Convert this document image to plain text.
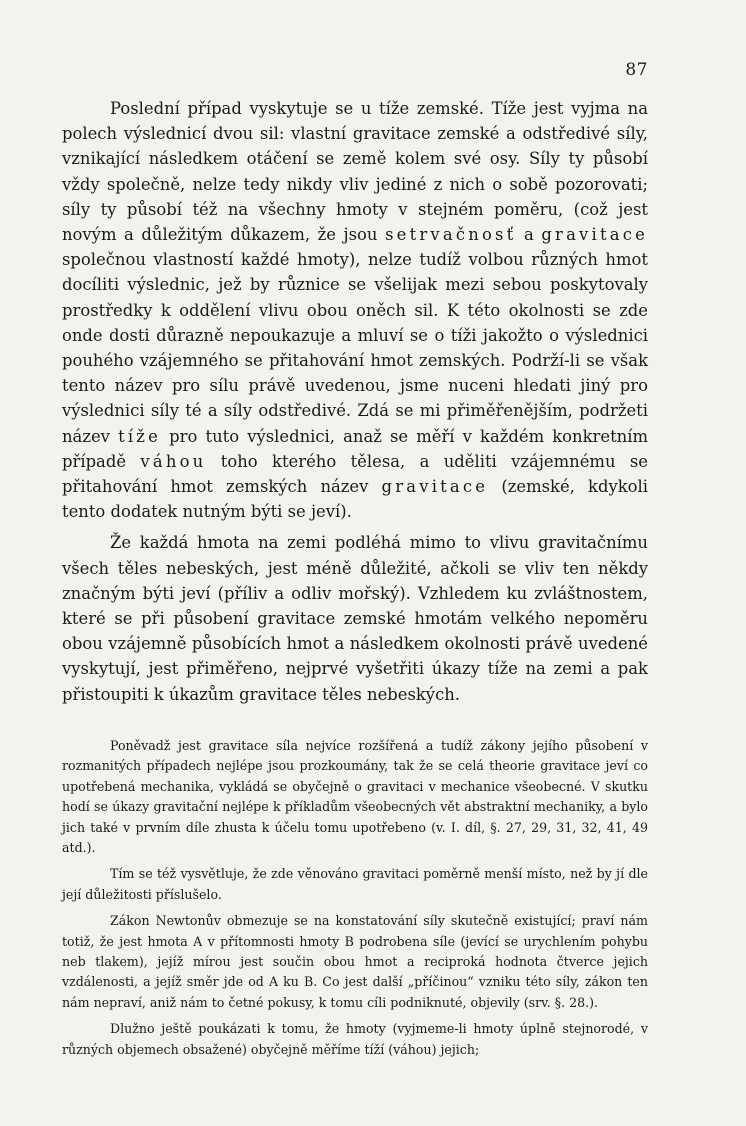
87

Poslední případ vyskytuje se u tíže zemské. Tíže jest vyjma na polech výslednicí dvou sil: vlastní gravitace zemské a odstředivé síly, vznikající následkem otáčení se země kolem své osy. Síly ty působí vždy společně, nelze tedy nikdy vliv jediné z nich o sobě pozorovati; síly ty působí též na všechny hmoty v stejném poměru, (což jest novým a důležitým důkazem, že jsou setrvačnosť a gravitace společnou vlastností každé hmoty), nelze tudíž volbou různých hmot docíliti výslednic, jež by různice se všelijak mezi sebou poskytovaly prostředky k oddělení vlivu obou oněch sil. K této okolnosti se zde onde dosti důrazně nepoukazuje a mluví se o tíži jakožto o výslednici pouhého vzájemného se přitahování hmot zemských. Podrží-li se však tento název pro sílu právě uvedenou, jsme nuceni hledati jiný pro výslednici síly té a síly odstředivé. Zdá se mi přiměřenějším, podržeti název tíže pro tuto výslednici, anaž se měří v každém konkretním případě váhou toho kterého tělesa, a uděliti vzájemnému se přitahování hmot zemských název gravitace (zemské, kdykoli tento dodatek nutným býti se jeví).

Že každá hmota na zemi podléhá mimo to vlivu gravitačnímu všech těles nebeských, jest méně důležité, ačkoli se vliv ten někdy značným býti jeví (příliv a odliv mořský). Vzhledem ku zvláštnostem, které se při působení gravitace zemské hmotám velkého nepoměru obou vzájemně působících hmot a následkem okolnosti právě uvedené vyskytují, jest přiměřeno, nejprvé vyšetřiti úkazy tíže na zemi a pak přistoupiti k úkazům gravitace těles nebeských.

Poněvadž jest gravitace síla nejvíce rozšířená a tudíž zákony jejího působení v rozmanitých případech nejlépe jsou prozkoumány, tak že se celá theorie gravitace jeví co upotřebená mechanika, vykládá se obyčejně o gravitaci v mechanice všeobecné. V skutku hodí se úkazy gravitační nejlépe k příkladům všeobecných vět abstraktní mechaniky, a bylo jich také v prvním díle zhusta k účelu tomu upotřebeno (v. I. díl, §. 27, 29, 31, 32, 41, 49 atd.).

Tím se též vysvětluje, že zde věnováno gravitaci poměrně menší místo, než by jí dle její důležitosti příslušelo.

Zákon Newtonův obmezuje se na konstatování síly skutečně existující; praví nám totiž, že jest hmota A v přítomnosti hmoty B podrobena síle (jevící se urychlením pohybu neb tlakem), jejíž mírou jest součin obou hmot a reciproká hodnota čtverce jejich vzdálenosti, a jejíž směr jde od A ku B. Co jest další „příčinou“ vzniku této síly, zákon ten nám nepraví, aniž nám to četné pokusy, k tomu cíli podniknuté, objevily (srv. §. 28.).

Dlužno ještě poukázati k tomu, že hmoty (vyjmeme-li hmoty úplně stejnorodé, v různých objemech obsažené) obyčejně měříme tíží (váhou) jejich;
